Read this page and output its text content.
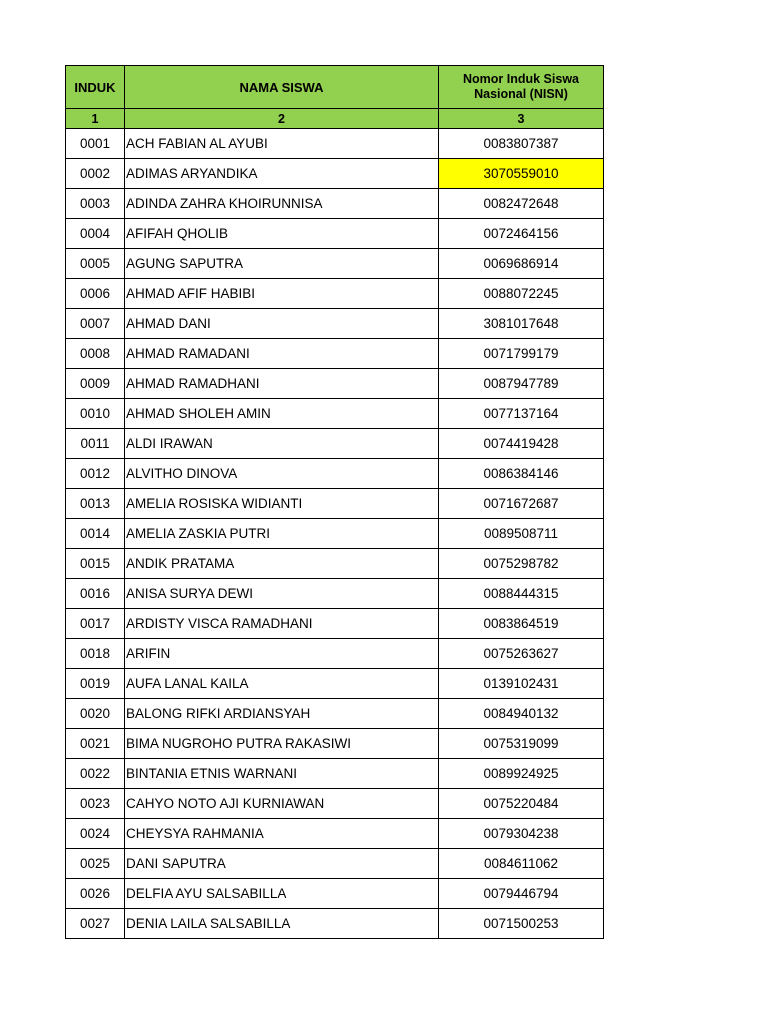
INDUK	NAMA SISWA	Nomor Induk Siswa Nasional (NISN)
1	2	3
0001	ACH FABIAN AL AYUBI	0083807387
0002	ADIMAS ARYANDIKA	3070559010
0003	ADINDA ZAHRA KHOIRUNNISA	0082472648
0004	AFIFAH QHOLIB	0072464156
0005	AGUNG SAPUTRA	0069686914
0006	AHMAD AFIF HABIBI	0088072245
0007	AHMAD DANI	3081017648
0008	AHMAD RAMADANI	0071799179
0009	AHMAD RAMADHANI	0087947789
0010	AHMAD SHOLEH AMIN	0077137164
0011	ALDI IRAWAN	0074419428
0012	ALVITHO DINOVA	0086384146
0013	AMELIA ROSISKA WIDIANTI	0071672687
0014	AMELIA ZASKIA PUTRI	0089508711
0015	ANDIK PRATAMA	0075298782
0016	ANISA SURYA DEWI	0088444315
0017	ARDISTY VISCA RAMADHANI	0083864519
0018	ARIFIN	0075263627
0019	AUFA LANAL KAILA	0139102431
0020	BALONG RIFKI ARDIANSYAH	0084940132
0021	BIMA NUGROHO PUTRA RAKASIWI	0075319099
0022	BINTANIA ETNIS WARNANI	0089924925
0023	CAHYO NOTO AJI KURNIAWAN	0075220484
0024	CHEYSYA RAHMANIA	0079304238
0025	DANI SAPUTRA	0084611062
0026	DELFIA AYU SALSABILLA	0079446794
0027	DENIA LAILA SALSABILLA	0071500253
